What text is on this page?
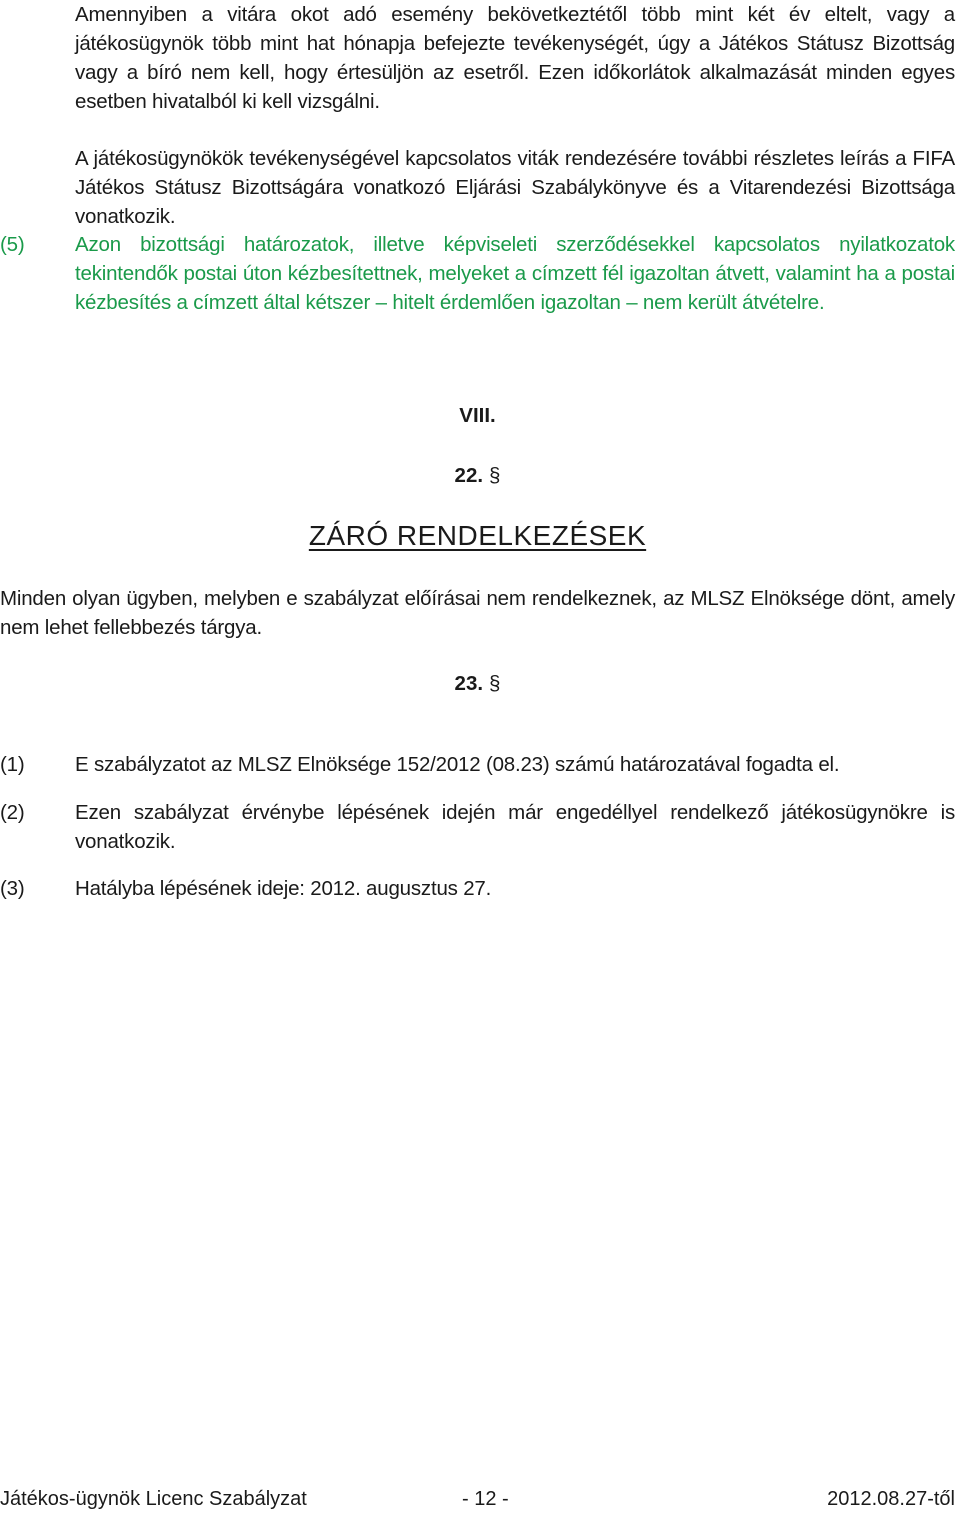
Amennyiben a vitára okot adó esemény bekövetkeztétől több mint két év eltelt, vagy a játékosügynök több mint hat hónapja befejezte tevékenységét, úgy a Játékos Státusz Bizottság vagy a bíró nem kell, hogy értesüljön az esetről. Ezen időkorlátok alkalmazását minden egyes esetben hivatalból ki kell vizsgálni.

A játékosügynökök tevékenységével kapcsolatos viták rendezésére további részletes leírás a FIFA Játékos Státusz Bizottságára vonatkozó Eljárási Szabálykönyve és a Vitarendezési Bizottsága vonatkozik.

(5) Azon bizottsági határozatok, illetve képviseleti szerződésekkel kapcsolatos nyilatkozatok tekintendők postai úton kézbesítettnek, melyeket a címzett fél igazoltan átvett, valamint ha a postai kézbesítés a címzett által kétszer – hitelt érdemlően igazoltan – nem került átvételre.
VIII.
22. §
ZÁRÓ RENDELKEZÉSEK

Minden olyan ügyben, melyben e szabályzat előírásai nem rendelkeznek, az MLSZ Elnöksége dönt, amely nem lehet fellebbezés tárgya.

23. §
(1) E szabályzatot az MLSZ Elnöksége 152/2012 (08.23) számú határozatával fogadta el.
(2) Ezen szabályzat érvénybe lépésének idején már engedéllyel rendelkező játékosügynökre is vonatkozik.
(3) Hatályba lépésének ideje: 2012. augusztus 27.
Játékos-ügynök Licenc Szabályzat	- 12 -	2012.08.27-től
